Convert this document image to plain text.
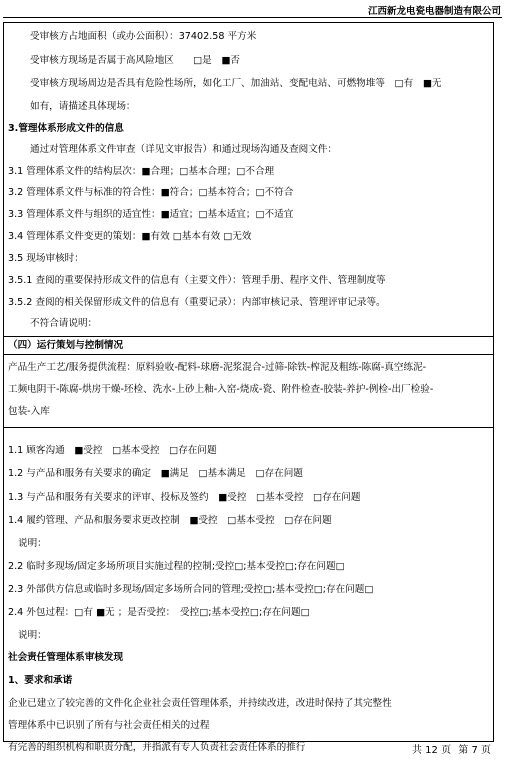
江西新龙电瓷电器制造有限公司
受审核方占地面积（或办公面积）：37402.58 平方米
受审核方现场是否属于高风险地区　　□是　■否
受审核方现场周边是否具有危险性场所，如化工厂、加油站、变配电站、可燃物堆等　□有　■无
如有，请描述具体现场：
3.管理体系形成文件的信息
通过对管理体系文件审查（详见文审报告）和通过现场沟通及查阅文件：
3.1 管理体系文件的结构层次：■合理；□基本合理；□不合理
3.2 管理体系文件与标准的符合性：■符合；□基本符合；□不符合
3.3 管理体系文件与组织的适宜性：■适宜；□基本适宜；□不适宜
3.4 管理体系文件变更的策划：■有效 □基本有效 □无效
3.5 现场审核时：
3.5.1 查阅的重要保持形成文件的信息有（主要文件）：管理手册、程序文件、管理制度等
3.5.2 查阅的相关保留形成文件的信息有（重要记录）：内部审核记录、管理评审记录等。
不符合请说明：
（四）运行策划与控制情况
产品生产工艺/服务提供流程：原料验收-配料-球磨-泥浆混合-过筛-除铁-榨泥及粗练-陈腐-真空练泥-
工频电阴干-陈腐-烘房干燥-坯检、洗水-上砂上釉-入窑-烧成-瓷、附件检查-胶装-养护-例检-出厂检验-
包装-入库
1.1 顾客沟通　■受控　□基本受控　□存在问题
1.2 与产品和服务有关要求的确定　■满足　□基本满足　□存在问题
1.3 与产品和服务有关要求的评审、投标及签约　■受控　□基本受控　□存在问题
1.4 履约管理、产品和服务要求更改控制　■受控　□基本受控　□存在问题
说明：
2.2 临时多现场/固定多场所项目实施过程的控制;受控□;基本受控□;存在问题□
2.3 外部供方信息或临时多现场/固定多场所合同的管理;受控□;基本受控□;存在问题□
2.4 外包过程：□有 ■无 ；是否受控：　受控□;基本受控□;存在问题□
说明：
社会责任管理体系审核发现
1、要求和承诺
企业已建立了较完善的文件化企业社会责任管理体系，并持续改进，改进时保持了其完整性
管理体系中已识别了所有与社会责任相关的过程
有完善的组织机构和职责分配，并指派有专人负责社会责任体系的推行	共 12 页 第 7 页
